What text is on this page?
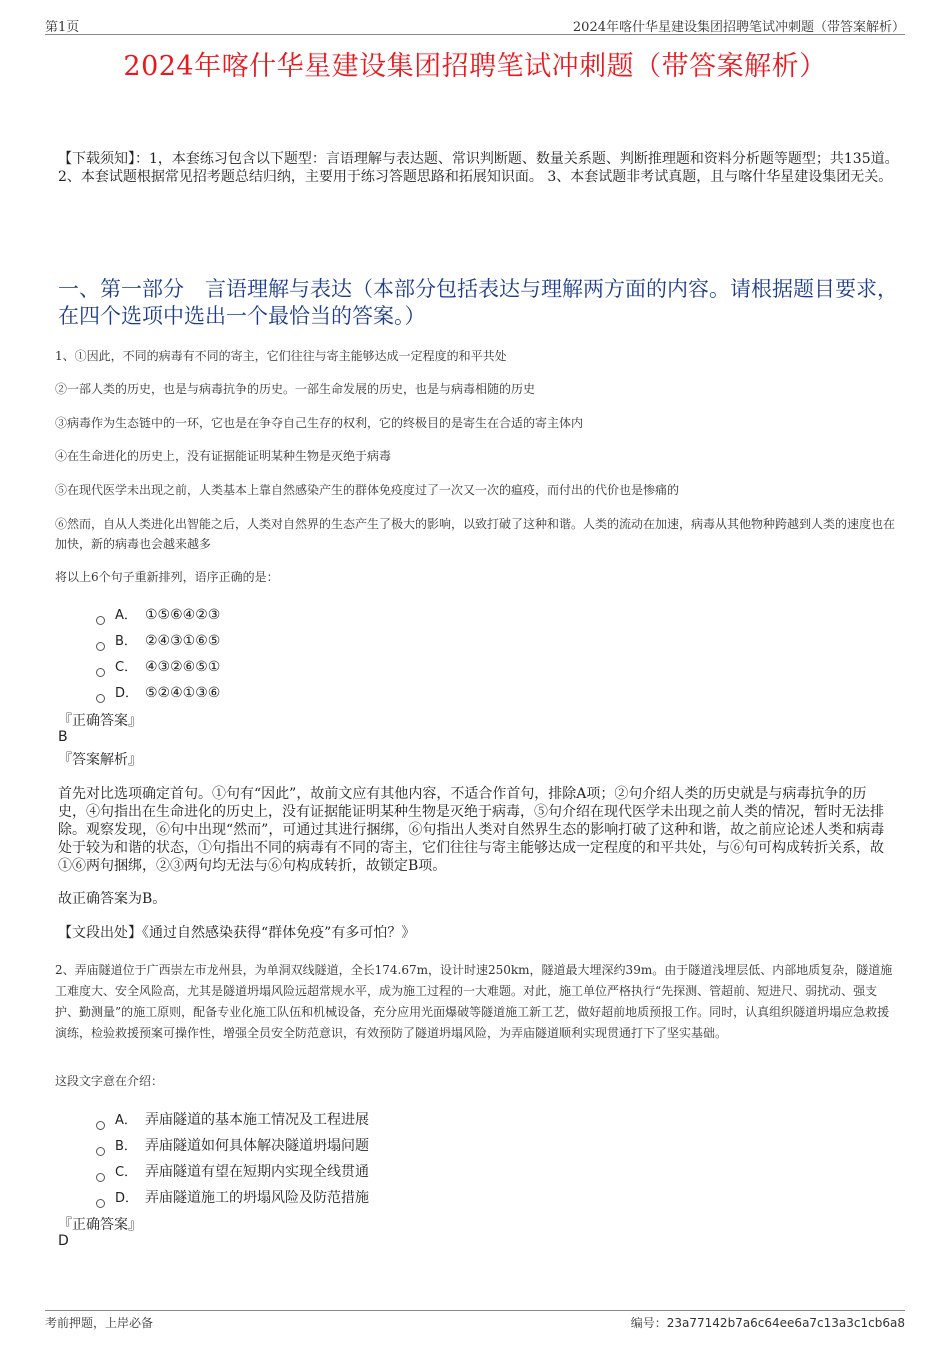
第1页	2024年喀什华星建设集团招聘笔试冲刺题（带答案解析）
2024年喀什华星建设集团招聘笔试冲刺题（带答案解析）
【下载须知】：1，本套练习包含以下题型：言语理解与表达题、常识判断题、数量关系题、判断推理题和资料分析题等题型；共135道。 2、本套试题根据常见招考题总结归纳，主要用于练习答题思路和拓展知识面。 3、本套试题非考试真题，且与喀什华星建设集团无关。
一、第一部分　言语理解与表达（本部分包括表达与理解两方面的内容。请根据题目要求，在四个选项中选出一个最恰当的答案。）
1、①因此，不同的病毒有不同的寄主，它们往往与寄主能够达成一定程度的和平共处
②一部人类的历史，也是与病毒抗争的历史。一部生命发展的历史，也是与病毒相随的历史
③病毒作为生态链中的一环，它也是在争夺自己生存的权利，它的终极目的是寄生在合适的寄主体内
④在生命进化的历史上，没有证据能证明某种生物是灭绝于病毒
⑤在现代医学未出现之前，人类基本上靠自然感染产生的群体免疫度过了一次又一次的瘟疫，而付出的代价也是惨痛的
⑥然而，自从人类进化出智能之后，人类对自然界的生态产生了极大的影响，以致打破了这种和谐。人类的流动在加速，病毒从其他物种跨越到人类的速度也在加快，新的病毒也会越来越多
将以上6个句子重新排列，语序正确的是：
A． ①⑤⑥④②③
B． ②④③①⑥⑤
C． ④③②⑥⑤①
D． ⑤②④①③⑥
『正确答案』
B
『答案解析』
首先对比选项确定首句。①句有“因此”，故前文应有其他内容，不适合作首句，排除A项；②句介绍人类的历史就是与病毒抗争的历史，④句指出在生命进化的历史上，没有证据能证明某种生物是灭绝于病毒，⑤句介绍在现代医学未出现之前人类的情况，暂时无法排除。观察发现，⑥句中出现“然而”，可通过其进行捆绑，⑥句指出人类对自然界生态的影响打破了这种和谐，故之前应论述人类和病毒处于较为和谐的状态，①句指出不同的病毒有不同的寄主，它们往往与寄主能够达成一定程度的和平共处，与⑥句可构成转折关系，故①⑥两句捆绑，②③两句均无法与⑥句构成转折，故锁定B项。
故正确答案为B。
【文段出处】《通过自然感染获得“群体免疫”有多可怕？》
2、弄庙隧道位于广西崇左市龙州县，为单洞双线隧道，全长174.67m，设计时速250km，隧道最大埋深约39m。由于隧道浅埋层低、内部地质复杂，隧道施工难度大、安全风险高，尤其是隧道坍塌风险远超常规水平，成为施工过程的一大难题。对此，施工单位严格执行“先探测、管超前、短进尺、弱扰动、强支护、勤测量”的施工原则，配备专业化施工队伍和机械设备，充分应用光面爆破等隧道施工新工艺，做好超前地质预报工作。同时，认真组织隧道坍塌应急救援演练，检验救援预案可操作性，增强全员安全防范意识，有效预防了隧道坍塌风险，为弄庙隧道顺利实现贯通打下了坚实基础。
这段文字意在介绍：
A． 弄庙隧道的基本施工情况及工程进展
B． 弄庙隧道如何具体解决隧道坍塌问题
C． 弄庙隧道有望在短期内实现全线贯通
D． 弄庙隧道施工的坍塌风险及防范措施
『正确答案』
D
考前押题，上岸必备	编号：23a77142b7a6c64ee6a7c13a3c1cb6a8
